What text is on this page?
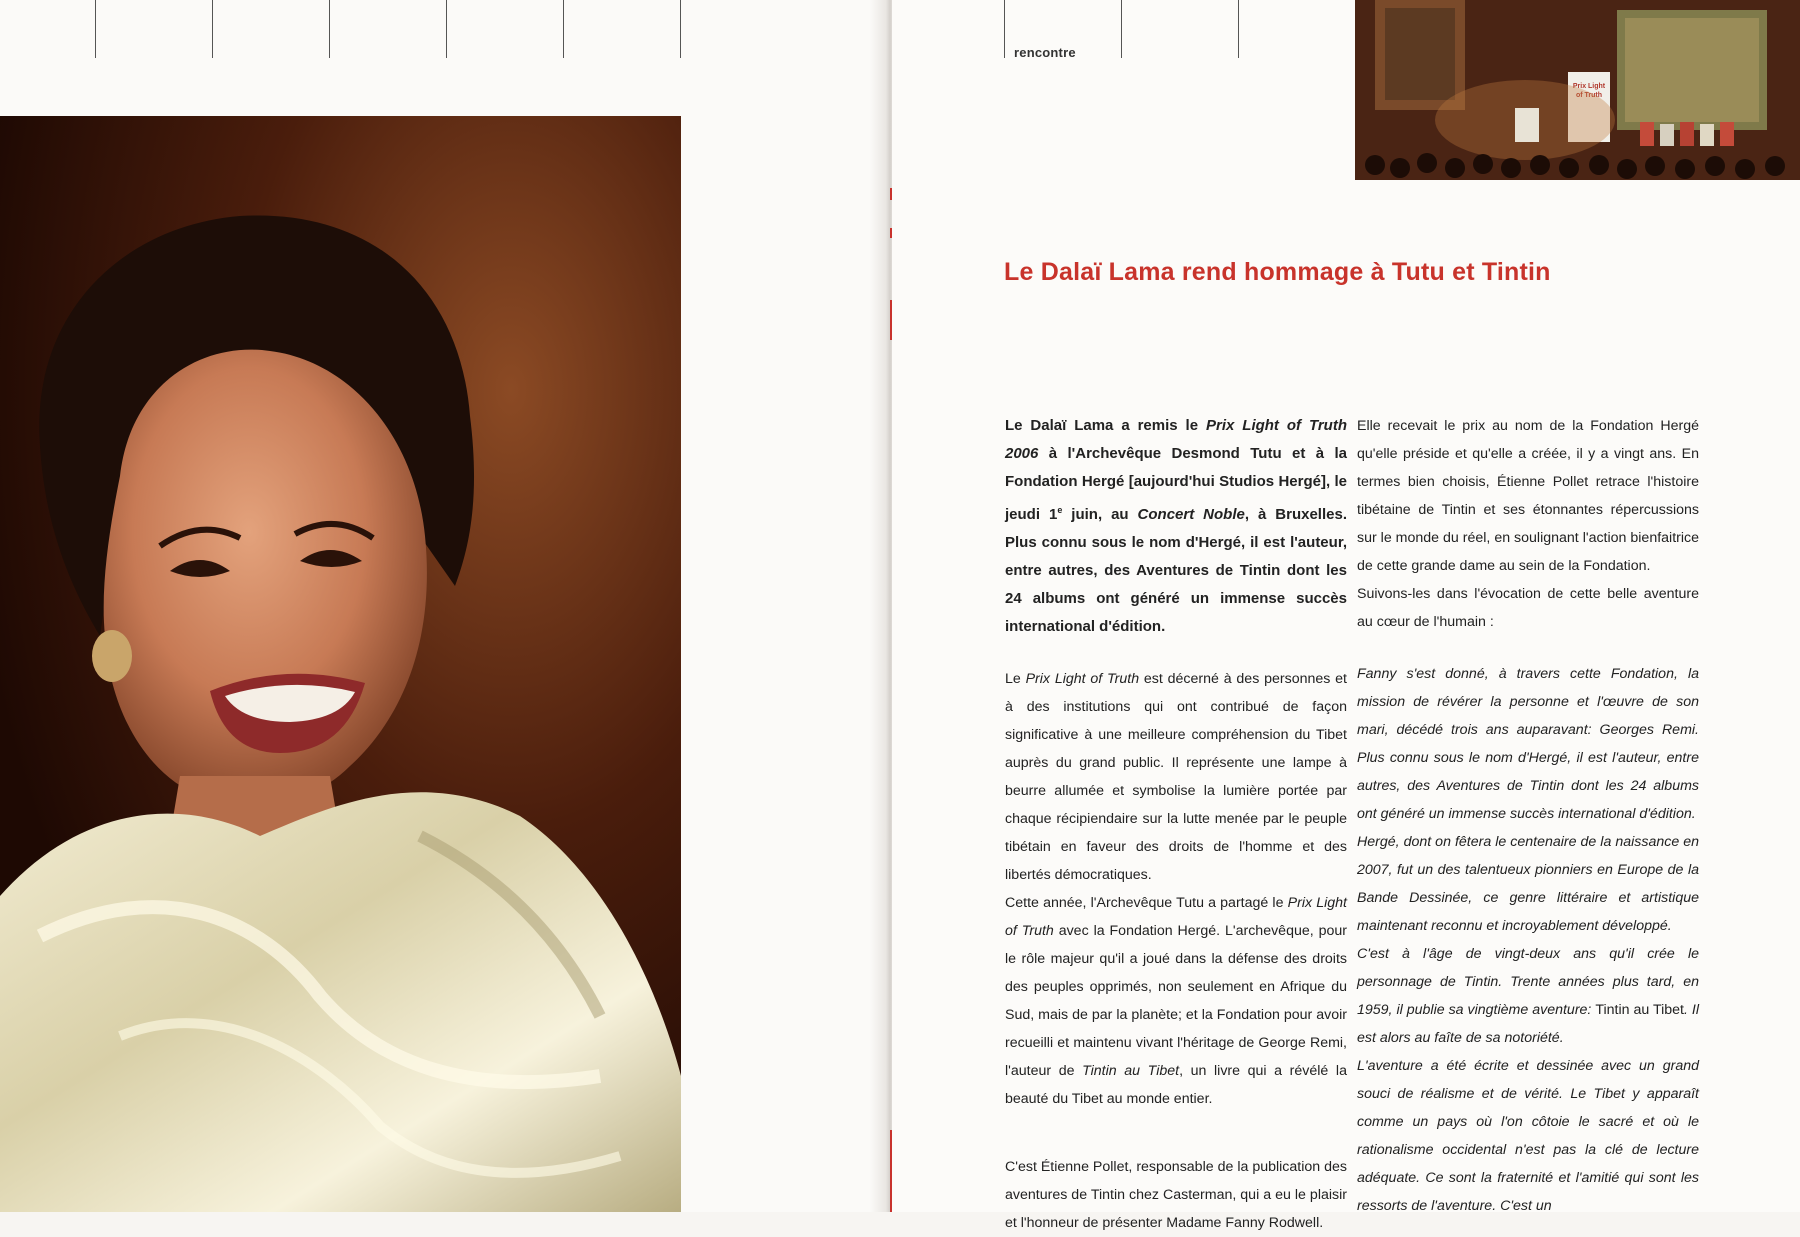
rencontre
Prix Light
of Truth
Le Dalaï Lama rend hommage à Tutu et Tintin

Le Dalaï Lama a remis le Prix Light of Truth 2006 à l'Archevêque Desmond Tutu et à la Fondation Hergé [aujourd'hui Studios Hergé], le jeudi 1e juin, au Concert Noble, à Bruxelles. Plus connu sous le nom d'Hergé, il est l'auteur, entre autres, des Aventures de Tintin dont les 24 albums ont généré un immense succès international d'édition.

Le Prix Light of Truth est décerné à des personnes et à des institutions qui ont contribué de façon significative à une meilleure compréhension du Tibet auprès du grand public. Il représente une lampe à beurre allumée et symbolise la lumière portée par chaque récipiendaire sur la lutte menée par le peuple tibétain en faveur des droits de l'homme et des libertés démocratiques.

Cette année, l'Archevêque Tutu a partagé le Prix Light of Truth avec la Fondation Hergé. L'archevêque, pour le rôle majeur qu'il a joué dans la défense des droits des peuples opprimés, non seulement en Afrique du Sud, mais de par la planète; et la Fondation pour avoir recueilli et maintenu vivant l'héritage de George Remi, l'auteur de Tintin au Tibet, un livre qui a révélé la beauté du Tibet au monde entier.

C'est Étienne Pollet, responsable de la publication des aventures de Tintin chez Casterman, qui a eu le plaisir et l'honneur de présenter Madame Fanny Rodwell.

Elle recevait le prix au nom de la Fondation Hergé qu'elle préside et qu'elle a créée, il y a vingt ans. En termes bien choisis, Étienne Pollet retrace l'histoire tibétaine de Tintin et ses étonnantes répercussions sur le monde du réel, en soulignant l'action bienfaitrice de cette grande dame au sein de la Fondation.

Suivons-les dans l'évocation de cette belle aventure au cœur de l'humain :

Fanny s'est donné, à travers cette Fondation, la mission de révérer la personne et l'œuvre de son mari, décédé trois ans auparavant: Georges Remi. Plus connu sous le nom d'Hergé, il est l'auteur, entre autres, des Aventures de Tintin dont les 24 albums ont généré un immense succès international d'édition.

Hergé, dont on fêtera le centenaire de la naissance en 2007, fut un des talentueux pionniers en Europe de la Bande Dessinée, ce genre littéraire et artistique maintenant reconnu et incroyablement développé.

C'est à l'âge de vingt-deux ans qu'il crée le personnage de Tintin. Trente années plus tard, en 1959, il publie sa vingtième aventure: Tintin au Tibet. Il est alors au faîte de sa notoriété.

L'aventure a été écrite et dessinée avec un grand souci de réalisme et de vérité. Le Tibet y apparaît comme un pays où l'on côtoie le sacré et où le rationalisme occidental n'est pas la clé de lecture adéquate. Ce sont la fraternité et l'amitié qui sont les ressorts de l'aventure. C'est un
